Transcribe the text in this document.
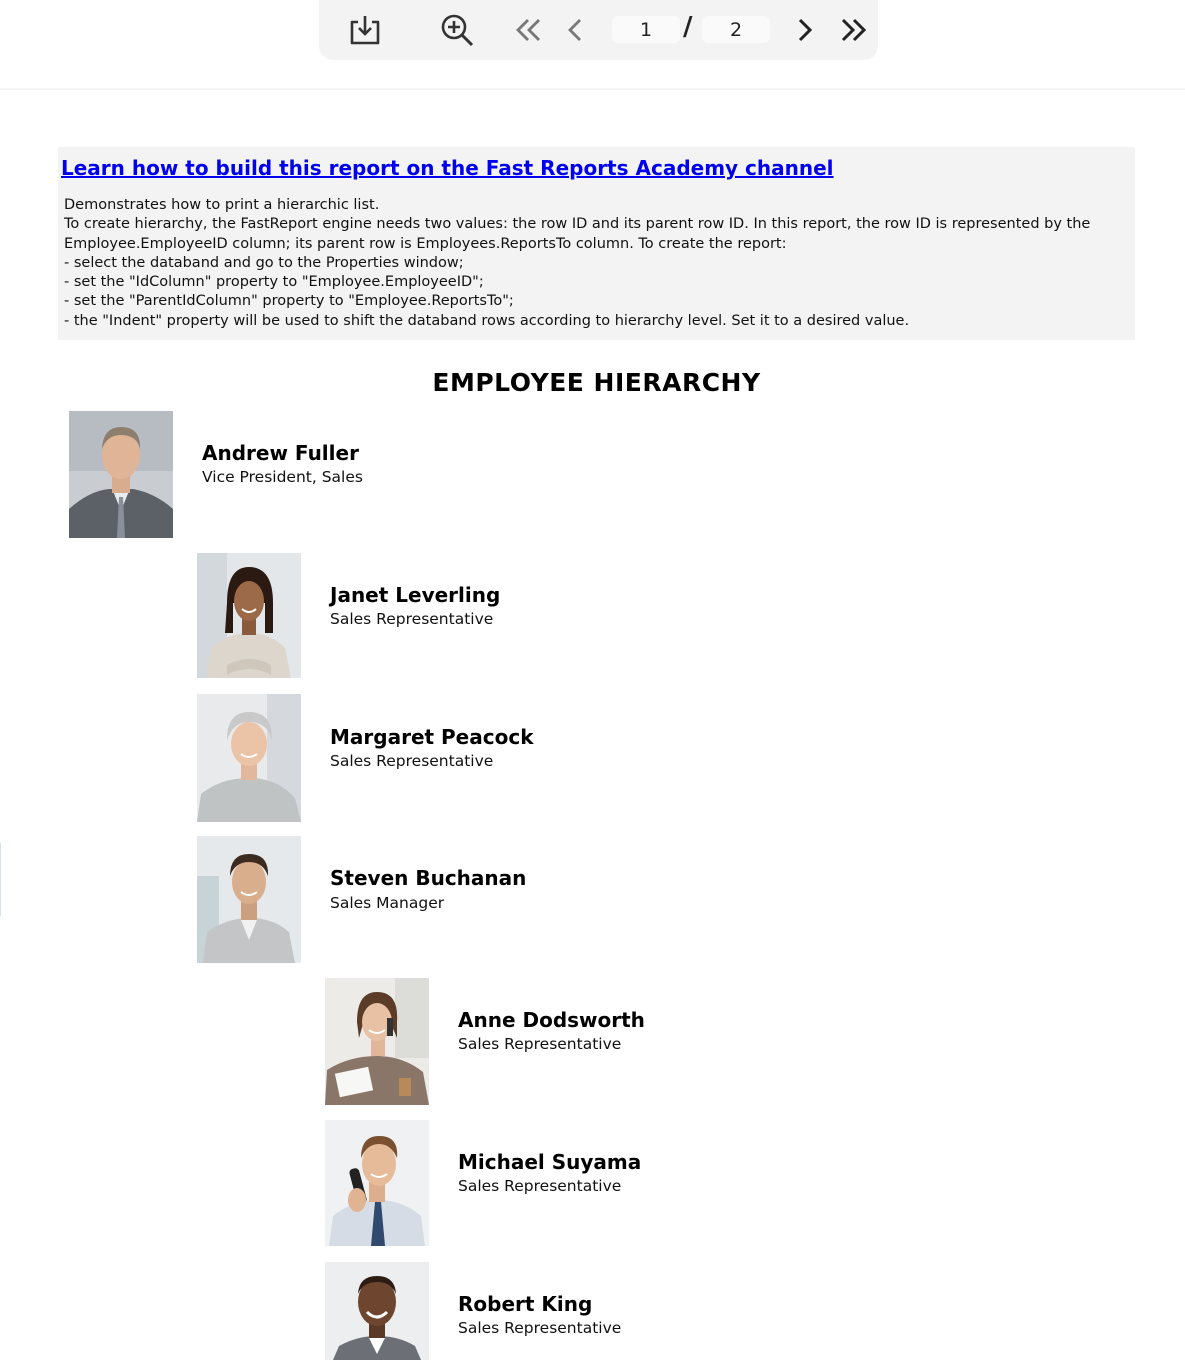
1	/	2
Learn how to build this report on the Fast Reports Academy channel
Demonstrates how to print a hierarchic list.
To create hierarchy, the FastReport engine needs two values: the row ID and its parent row ID. In this report, the row ID is represented by the
Employee.EmployeeID column; its parent row is Employees.ReportsTo column. To create the report:
- select the databand and go to the Properties window;
- set the "IdColumn" property to "Employee.EmployeeID";
- set the "ParentIdColumn" property to "Employee.ReportsTo";
- the "Indent" property will be used to shift the databand rows according to hierarchy level. Set it to a desired value.
EMPLOYEE HIERARCHY
Andrew Fuller
Vice President, Sales
Janet Leverling
Sales Representative
Margaret Peacock
Sales Representative
Steven Buchanan
Sales Manager
Anne Dodsworth
Sales Representative
Michael Suyama
Sales Representative
Robert King
Sales Representative
